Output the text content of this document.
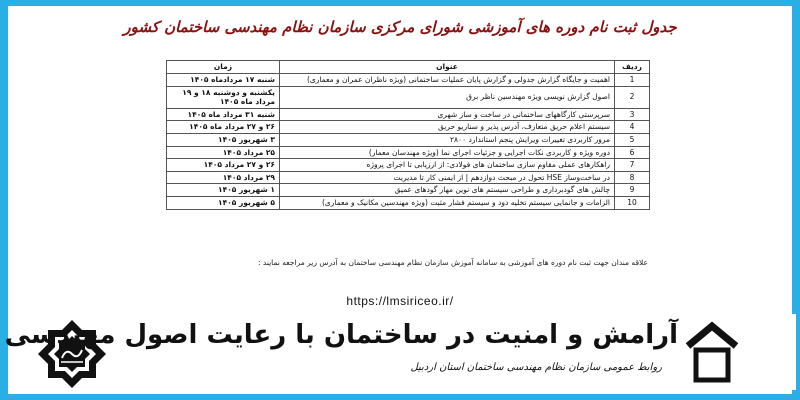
جدول ثبت نام دوره های آموزشی شورای مرکزی سازمان نظام مهندسی ساختمان کشور
ردیف	عنوان	زمان
1	اهمیت و جایگاه گزارش جدولی و گزارش پایان عملیات ساختمانی (ویژه ناظران عمران و معماری)	شنبه ۱۷ مردادماه ۱۴۰۵
2	اصول گزارش نویسی ویژه مهندسین ناظر برق	یکشنبه و دوشنبه ۱۸ و ۱۹ مرداد ماه ۱۴۰۵
3	سرپرستی کارگاههای ساختمانی در ساخت و ساز شهری	شنبه ۳۱ مرداد ماه ۱۴۰۵
4	سیستم اعلام حریق متعارف، آدرس پذیر و سناریو حریق	۲۶ و ۲۷ مرداد ماه ۱۴۰۵
5	مرور کاربردی تغییرات ویرایش پنجم استاندارد ۲۸۰۰	۳ شهریور ۱۴۰۵
6	دوره ویژه و کاربردی نکات اجرایی و جزئیات اجرای نما (ویژه مهندسان معمار)	۲۵ مرداد ۱۴۰۵
7	راهکارهای عملی مقاوم سازی ساختمان های فولادی: از ارزیابی تا اجرای پروژه	۲۶ و ۲۷ مرداد ۱۴۰۵
8	در ساخت‌وساز HSE تحول در مبحث دوازدهم | از ایمنی کار تا مدیریت	۲۹ مرداد ۱۴۰۵
9	چالش های گودبرداری و طراحی سیستم های نوین مهار گودهای عمیق	۱ شهریور ۱۴۰۵
10	الزامات و جانمایی سیستم تخلیه دود و سیستم فشار مثبت (ویژه مهندسین مکانیک و معماری)	۵ شهریور ۱۴۰۵
علاقه مندان جهت ثبت نام دوره های آموزشی به سامانه آموزش سازمان نظام مهندسی ساختمان به آدرس زیر مراجعه نمایند :
https://lmsiriceo.ir/
آرامش و امنیت در ساختمان با رعایت اصول مهندسی
روابط عمومی سازمان نظام مهندسی ساختمان استان اردبیل
